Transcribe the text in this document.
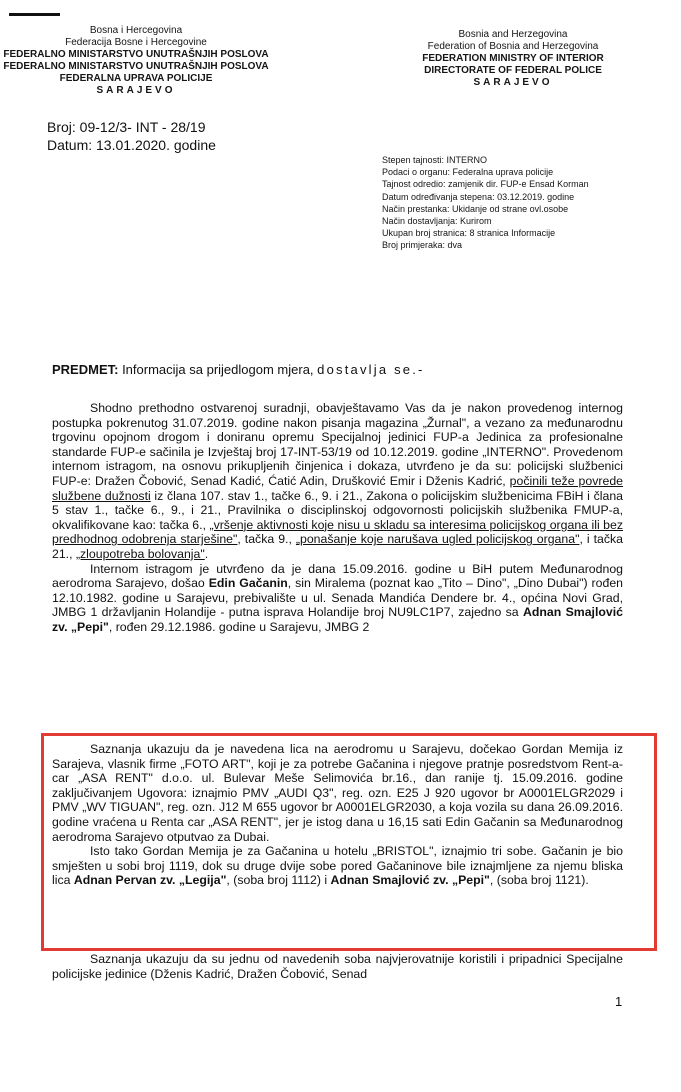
Bosna i Hercegovina
Federacija Bosne i Hercegovine
FEDERALNO MINISTARSTVO UNUTRAŠNJIH POSLOVA
FEDERALNO MINISTARSTVO UNUTRAŠNJIH POSLOVA
FEDERALNA UPRAVA POLICIJE
SARAJEVO
Bosnia and Herzegovina
Federation of Bosnia and Herzegovina
FEDERATION MINISTRY OF INTERIOR
DIRECTORATE OF FEDERAL POLICE
SARAJEVO
Broj: 09-12/3- INT - 28/19
Datum: 13.01.2020. godine
Stepen tajnosti: INTERNO
Podaci o organu: Federalna uprava policije
Tajnost odredio: zamjenik dir. FUP-e Ensad Korman
Datum određivanja stepena: 03.12.2019. godine
Način prestanka: Ukidanje od strane ovl.osobe
Način dostavljanja: Kurirom
Ukupan broj stranica: 8 stranica Informacije
Broj primjeraka: dva
PREDMET: Informacija sa prijedlogom mjera, dostavlja se.-

Shodno prethodno ostvarenoj suradnji, obavještavamo Vas da je nakon provedenog internog postupka pokrenutog 31.07.2019. godine nakon pisanja magazina „Žurnal", a vezano za međunarodnu trgovinu opojnom drogom i doniranu opremu Specijalnoj jedinici FUP-a Jedinica za profesionalne standarde FUP-e sačinila je Izvještaj broj 17-INT-53/19 od 10.12.2019. godine „INTERNO". Provedenom internom istragom, na osnovu prikupljenih činjenica i dokaza, utvrđeno je da su: policijski službenici FUP-e: Dražen Čobović, Senad Kadić, Ćatić Adin, Drušković Emir i Dženis Kadrić, počinili teže povrede službene dužnosti iz člana 107. stav 1., tačke 6., 9. i 21., Zakona o policijskim službenicima FBiH i člana 5 stav 1., tačke 6., 9., i 21., Pravilnika o disciplinskoj odgovornosti policijskih službenika FMUP-a, okvalifikovane kao: tačka 6., „vršenje aktivnosti koje nisu u skladu sa interesima policijskog organa ili bez predhodnog odobrenja starješine", tačka 9., „ponašanje koje narušava ugled policijskog organa", i tačka 21., „zloupotreba bolovanja".

Internom istragom je utvrđeno da je dana 15.09.2016. godine u BiH putem Međunarodnog aerodroma Sarajevo, došao Edin Gačanin, sin Miralema (poznat kao „Tito – Dino", „Dino Dubai") rođen 12.10.1982. godine u Sarajevu, prebivalište u ul. Senada Mandića Dendere br. 4., općina Novi Grad, JMBG 1 državljanin Holandije - putna isprava Holandije broj NU9LC1P7, zajedno sa Adnan Smajlović zv. „Pepi", rođen 29.12.1986. godine u Sarajevu, JMBG 2

Saznanja ukazuju da je navedena lica na aerodromu u Sarajevu, dočekao Gordan Memija iz Sarajeva, vlasnik firme „FOTO ART", koji je za potrebe Gačanina i njegove pratnje posredstvom Rent-a-car „ASA RENT" d.o.o. ul. Bulevar Meše Selimovića br.16., dan ranije tj. 15.09.2016. godine zaključivanjem Ugovora: iznajmio PMV „AUDI Q3", reg. ozn. E25 J 920 ugovor br A0001ELGR2029 i PMV „WV TIGUAN", reg. ozn. J12 M 655 ugovor br A0001ELGR2030, a koja vozila su dana 26.09.2016. godine vraćena u Renta car „ASA RENT", jer je istog dana u 16,15 sati Edin Gačanin sa Međunarodnog aerodroma Sarajevo otputvao za Dubai.

Isto tako Gordan Memija je za Gačanina u hotelu „BRISTOL", iznajmio tri sobe. Gačanin je bio smješten u sobi broj 1119, dok su druge dvije sobe pored Gačaninove bile iznajmljene za njemu bliska lica Adnan Pervan zv. „Legija", (soba broj 1112) i Adnan Smajlović zv. „Pepi", (soba broj 1121).

Saznanja ukazuju da su jednu od navedenih soba najvjerovatnije koristili i pripadnici Specijalne policijske jedinice (Dženis Kadrić, Dražen Čobović, Senad

1
